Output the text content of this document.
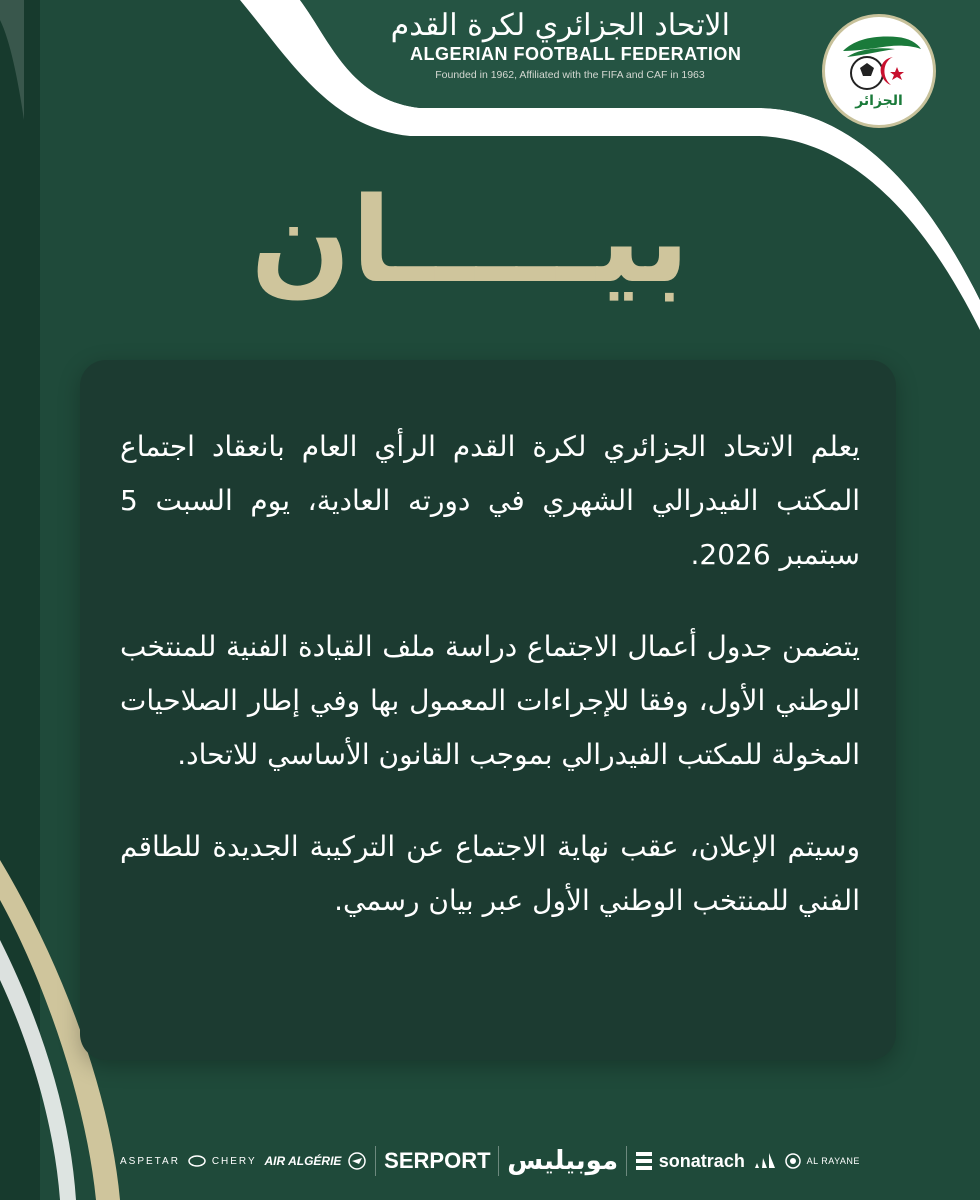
الاتحاد الجزائري لكرة القدم
ALGERIAN FOOTBALL FEDERATION
Founded in 1962, Affiliated with the FIFA and CAF in 1963
الجزائر
بيـــــان

يعلم الاتحاد الجزائري لكرة القدم الرأي العام بانعقاد اجتماع المكتب الفيدرالي الشهري في دورته العادية، يوم السبت 5 سبتمبر 2026.

يتضمن جدول أعمال الاجتماع دراسة ملف القيادة الفنية للمنتخب الوطني الأول، وفقا للإجراءات المعمول بها وفي إطار الصلاحيات المخولة للمكتب الفيدرالي بموجب القانون الأساسي للاتحاد.

وسيتم الإعلان، عقب نهاية الاجتماع عن التركيبة الجديدة للطاقم الفني للمنتخب الوطني الأول عبر بيان رسمي.

ASPETAR	CHERY AIR ALGÉRIE SERPORT موبيليس sonatrach	AL RAYANE
